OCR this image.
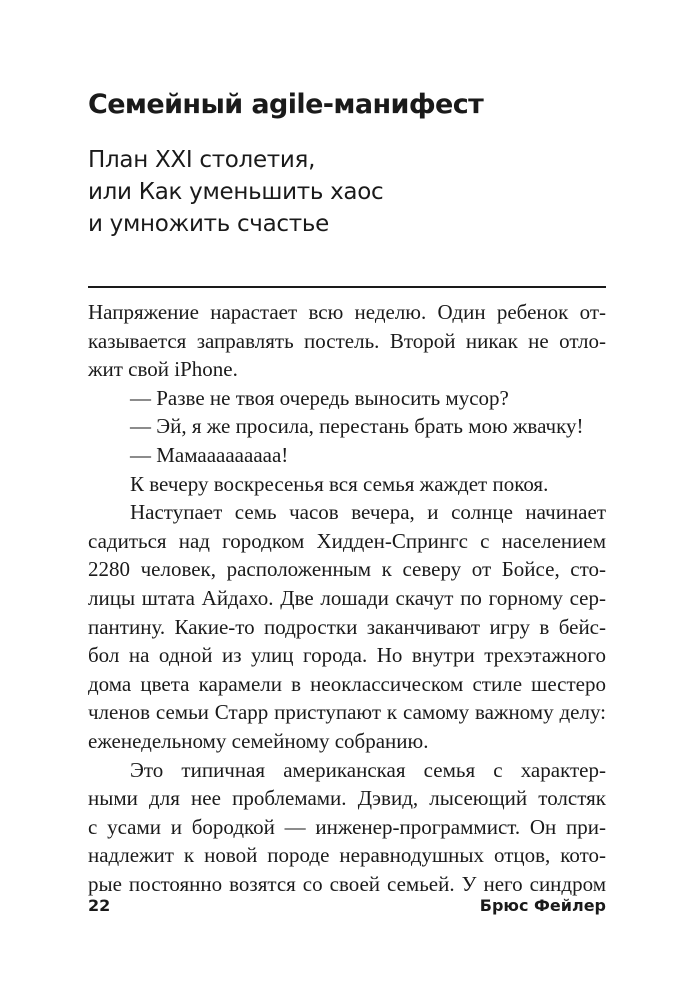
Семейный agile-манифест
План XXI столетия,
или Как уменьшить хаос
и умножить счастье
Напряжение нарастает всю неделю. Один ребенок от-
казывается заправлять постель. Второй никак не отло-
жит свой iPhone.
— Разве не твоя очередь выносить мусор?
— Эй, я же просила, перестань брать мою жвачку!
— Мамааааааааа!
К вечеру воскресенья вся семья жаждет покоя.
Наступает семь часов вечера, и солнце начинает
садиться над городком Хидден-Спрингс с населением
2280 человек, расположенным к северу от Бойсе, сто-
лицы штата Айдахо. Две лошади скачут по горному сер-
пантину. Какие-то подростки заканчивают игру в бейс-
бол на одной из улиц города. Но внутри трехэтажного
дома цвета карамели в неоклассическом стиле шестеро
членов семьи Старр приступают к самому важному делу:
еженедельному семейному собранию.
Это типичная американская семья с характер-
ными для нее проблемами. Дэвид, лысеющий толстяк
с усами и бородкой — инженер-программист. Он при-
надлежит к новой породе неравнодушных отцов, кото-
рые постоянно возятся со своей семьей. У него синдром
22	Брюс Фейлер
